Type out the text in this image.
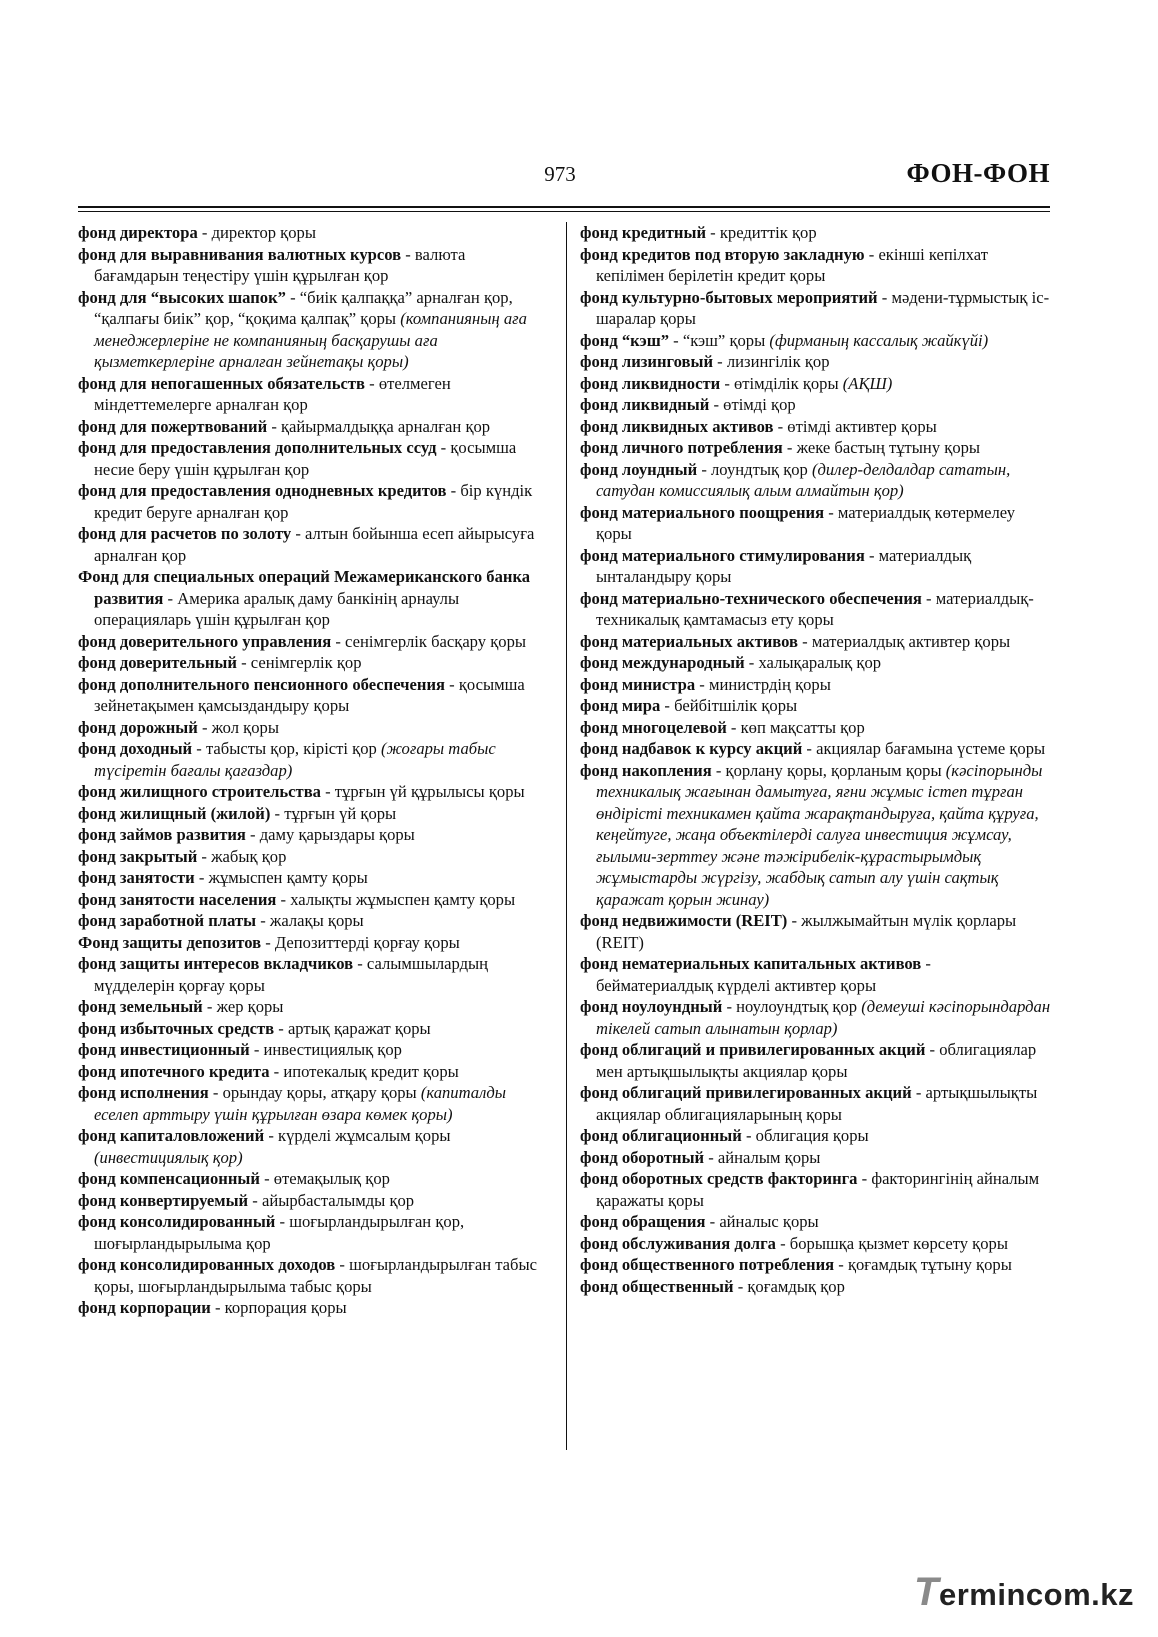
973	ФОН-ФОН

фонд директора - директор қоры

фонд для выравнивания валютных курсов - валюта бағамдарын теңестіру үшін құрылған қор

фонд для “высоких шапок” - “биік қалпаққа” арналған қор, “қалпағы биік” қор, “қоқима қалпақ” қоры (компанияның аға менеджерлеріне не компанияның басқарушы аға қызметкерлеріне арналған зейнетақы қоры)

фонд для непогашенных обязательств - өтелмеген міндеттемелерге арналған қор

фонд для пожертвований - қайырмалдыққа арналған қор

фонд для предоставления дополнительных ссуд - қосымша несие беру үшін құрылған қор

фонд для предоставления однодневных кредитов - бір күндік кредит беруге арналған қор

фонд для расчетов по золоту - алтын бойынша есеп айырысуға арналған қор

Фонд для специальных операций Межамериканского банка развития - Америка аралық даму банкінің арнаулы операцияларь үшін құрылған қор

фонд доверительного управления - сенімгерлік басқару қоры

фонд доверительный - сенімгерлік қор

фонд дополнительного пенсионного обеспечения - қосымша зейнетақымен қамсыздандыру қоры

фонд дорожный - жол қоры

фонд доходный - табысты қор, кірісті қор (жоғары табыс түсіретін бағалы қағаздар)

фонд жилищного строительства - тұрғын үй құрылысы қоры

фонд жилищный (жилой) - тұрғын үй қоры

фонд займов развития - даму қарыздары қоры

фонд закрытый - жабық қор

фонд занятости - жұмыспен қамту қоры

фонд занятости населения - халықты жұмыспен қамту қоры

фонд заработной платы - жалақы қоры

Фонд защиты депозитов - Депозиттерді қорғау қоры

фонд защиты интересов вкладчиков - салымшылардың мүдделерін қорғау қоры

фонд земельный - жер қоры

фонд избыточных средств - артық қаражат қоры

фонд инвестиционный - инвестициялық қор

фонд ипотечного кредита - ипотекалық кредит қоры

фонд исполнения - орындау қоры, атқару қоры (капиталды еселеп арттыру үшін құрылған өзара көмек қоры)

фонд капиталовложений - күрделі жұмсалым қоры (инвестициялық қор)

фонд компенсационный - өтемақылық қор

фонд конвертируемый - айырбасталымды қор

фонд консолидированный - шоғырландырылған қор, шоғырландырылыма қор

фонд консолидированных доходов - шоғырландырылған табыс қоры, шоғырландырылыма табыс қоры

фонд корпорации - корпорация қоры

фонд кредитный - кредиттік қор

фонд кредитов под вторую закладную - екінші кепілхат кепілімен берілетін кредит қоры

фонд культурно-бытовых мероприятий - мәдени-тұрмыстық іс-шаралар қоры

фонд “кэш” - “кэш” қоры (фирманың кассалық жайкүйі)

фонд лизинговый - лизингілік қор

фонд ликвидности - өтімділік қоры (АҚШ)

фонд ликвидный - өтімді қор

фонд ликвидных активов - өтімді активтер қоры

фонд личного потребления - жеке бастың тұтыну қоры

фонд лоундный - лоундтық қор (дилер-делдалдар сататын, сатудан комиссиялық алым алмайтын қор)

фонд материального поощрения - материалдық көтермелеу қоры

фонд материального стимулирования - материалдық ынталандыру қоры

фонд материально-технического обеспечения - материалдық-техникалық қамтамасыз ету қоры

фонд материальных активов - материалдық активтер қоры

фонд международный - халықаралық қор

фонд министра - министрдің қоры

фонд мира - бейбітшілік қоры

фонд многоцелевой - көп мақсатты қор

фонд надбавок к курсу акций - акциялар бағамына үстеме қоры

фонд накопления - қорлану қоры, қорланым қоры (кәсіпорынды техникалық жағынан дамытуға, яғни жұмыс істеп тұрған өндірісті техникамен қайта жарақтандыруға, қайта құруға, кеңейтуге, жаңа объектілерді салуға инвестиция жұмсау, ғылыми-зерттеу және тәжірибелік-құрастырымдық жұмыстарды жүргізу, жабдық сатып алу үшін сақтық қаражат қорын жинау)

фонд недвижимости (REIT) - жылжымайтын мүлік қорлары (REIT)

фонд нематериальных капитальных активов - бейматериалдық күрделі активтер қоры

фонд ноулоундный - ноулоундтық қор (демеуші кәсіпорындардан тікелей сатып алынатын қорлар)

фонд облигаций и привилегированных акций - облигациялар мен артықшылықты акциялар қоры

фонд облигаций привилегированных акций - артықшылықты акциялар облигацияларының қоры

фонд облигационный - облигация қоры

фонд оборотный - айналым қоры

фонд оборотных средств факторинга - факторингінің айналым қаражаты қоры

фонд обращения - айналыс қоры

фонд обслуживания долга - борышқа қызмет көрсету қоры

фонд общественного потребления - қоғамдық тұтыну қоры

фонд общественный - қоғамдық қор

Termincom.kz
